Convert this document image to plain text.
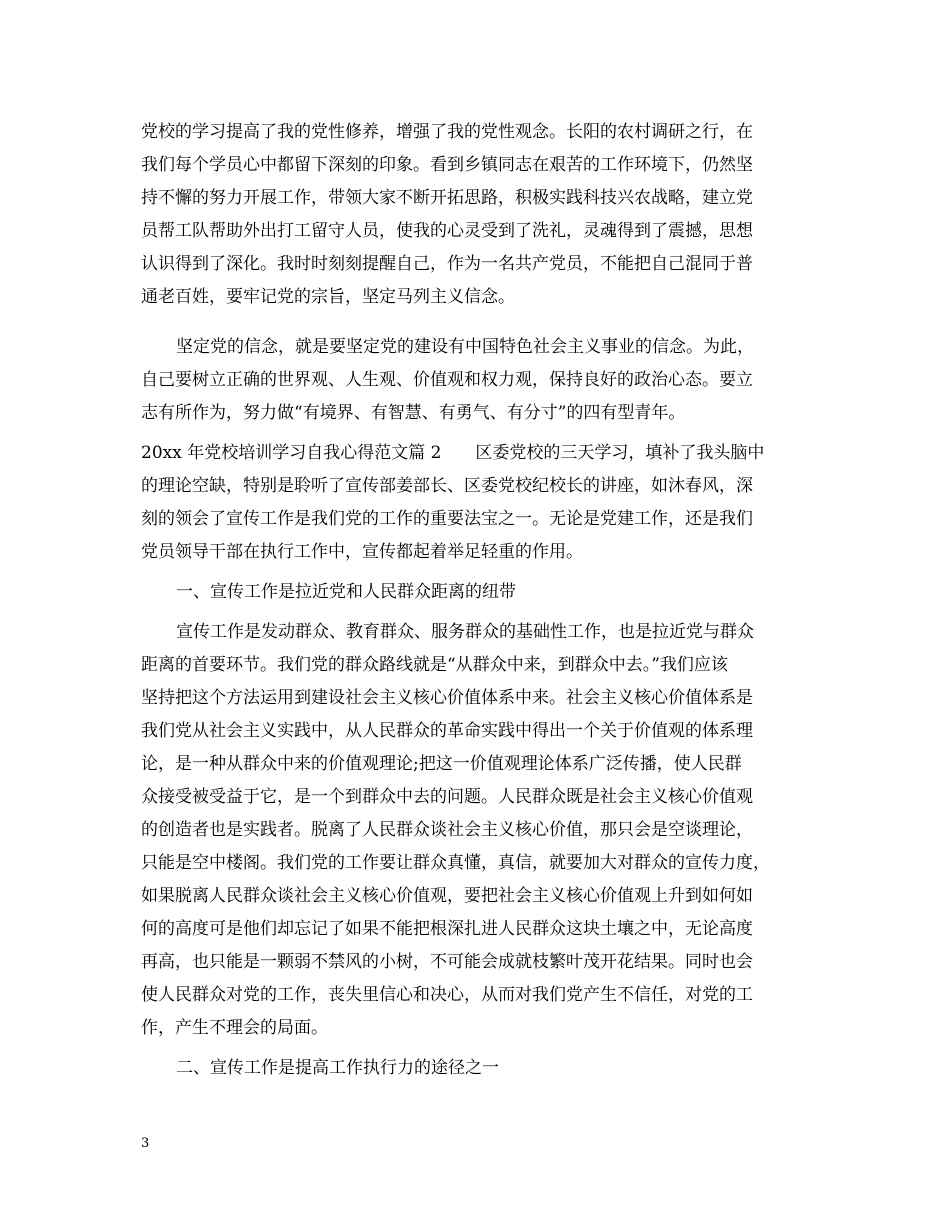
党校的学习提高了我的党性修养，增强了我的党性观念。长阳的农村调研之行，在
我们每个学员心中都留下深刻的印象。看到乡镇同志在艰苦的工作环境下，仍然坚
持不懈的努力开展工作，带领大家不断开拓思路，积极实践科技兴农战略，建立党
员帮工队帮助外出打工留守人员，使我的心灵受到了洗礼，灵魂得到了震撼，思想
认识得到了深化。我时时刻刻提醒自己，作为一名共产党员，不能把自己混同于普
通老百姓，要牢记党的宗旨，坚定马列主义信念。
坚定党的信念，就是要坚定党的建设有中国特色社会主义事业的信念。为此，
自己要树立正确的世界观、人生观、价值观和权力观，保持良好的政治心态。要立
志有所作为，努力做“有境界、有智慧、有勇气、有分寸”的四有型青年。
20xx 年党校培训学习自我心得范文篇 2　　区委党校的三天学习，填补了我头脑中
的理论空缺，特别是聆听了宣传部姜部长、区委党校纪校长的讲座，如沐春风，深
刻的领会了宣传工作是我们党的工作的重要法宝之一。无论是党建工作，还是我们
党员领导干部在执行工作中，宣传都起着举足轻重的作用。
一、宣传工作是拉近党和人民群众距离的纽带
宣传工作是发动群众、教育群众、服务群众的基础性工作，也是拉近党与群众
距离的首要环节。我们党的群众路线就是“从群众中来，到群众中去。”我们应该
坚持把这个方法运用到建设社会主义核心价值体系中来。社会主义核心价值体系是
我们党从社会主义实践中，从人民群众的革命实践中得出一个关于价值观的体系理
论，是一种从群众中来的价值观理论;把这一价值观理论体系广泛传播，使人民群
众接受被受益于它，是一个到群众中去的问题。人民群众既是社会主义核心价值观
的创造者也是实践者。脱离了人民群众谈社会主义核心价值，那只会是空谈理论，
只能是空中楼阁。我们党的工作要让群众真懂，真信，就要加大对群众的宣传力度，
如果脱离人民群众谈社会主义核心价值观，要把社会主义核心价值观上升到如何如
何的高度可是他们却忘记了如果不能把根深扎进人民群众这块土壤之中，无论高度
再高，也只能是一颗弱不禁风的小树，不可能会成就枝繁叶茂开花结果。同时也会
使人民群众对党的工作，丧失里信心和决心，从而对我们党产生不信任，对党的工
作，产生不理会的局面。
二、宣传工作是提高工作执行力的途径之一
3
